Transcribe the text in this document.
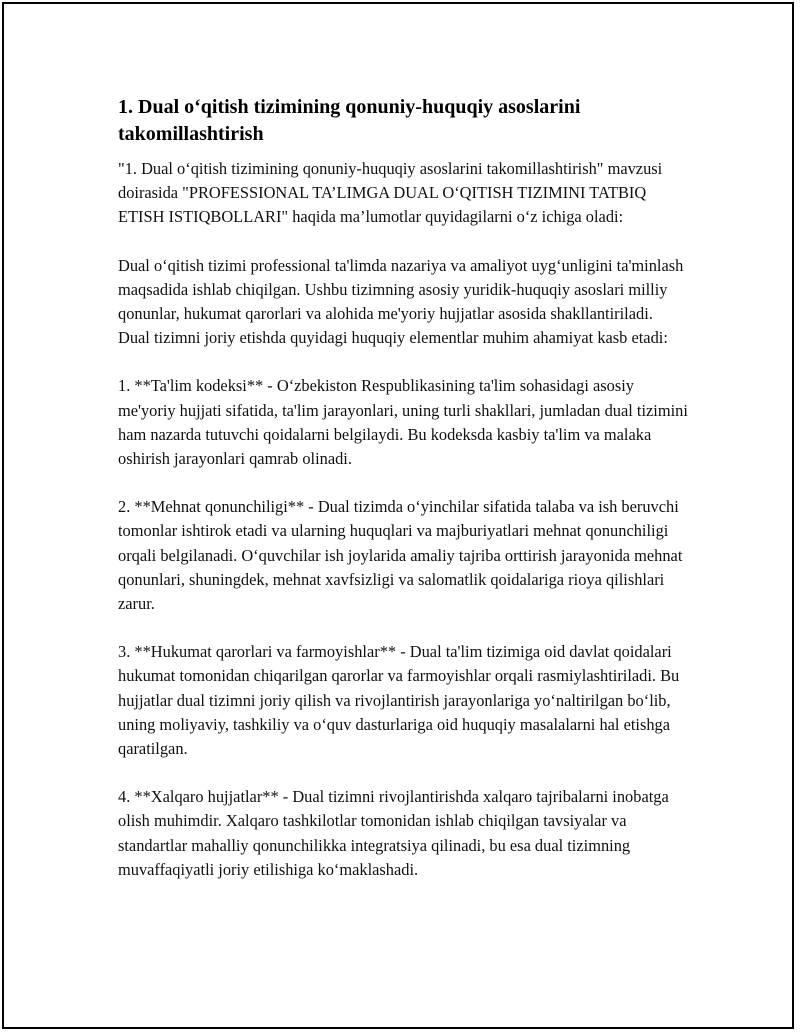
1. Dual o‘qitish tizimining qonuniy-huquqiy asoslarini takomillashtirish

"1. Dual o‘qitish tizimining qonuniy-huquqiy asoslarini takomillashtirish" mavzusi doirasida "PROFESSIONAL TA’LIMGA DUAL O‘QITISH TIZIMINI TATBIQ ETISH ISTIQBOLLARI" haqida ma’lumotlar quyidagilarni o‘z ichiga oladi:

Dual o‘qitish tizimi professional ta'limda nazariya va amaliyot uyg‘unligini ta'minlash maqsadida ishlab chiqilgan. Ushbu tizimning asosiy yuridik-huquqiy asoslari milliy qonunlar, hukumat qarorlari va alohida me'yoriy hujjatlar asosida shakllantiriladi. Dual tizimni joriy etishda quyidagi huquqiy elementlar muhim ahamiyat kasb etadi:

1. **Ta'lim kodeksi** - O‘zbekiston Respublikasining ta'lim sohasidagi asosiy me'yoriy hujjati sifatida, ta'lim jarayonlari, uning turli shakllari, jumladan dual tizimini ham nazarda tutuvchi qoidalarni belgilaydi. Bu kodeksda kasbiy ta'lim va malaka oshirish jarayonlari qamrab olinadi.

2. **Mehnat qonunchiligi** - Dual tizimda o‘yinchilar sifatida talaba va ish beruvchi tomonlar ishtirok etadi va ularning huquqlari va majburiyatlari mehnat qonunchiligi orqali belgilanadi. O‘quvchilar ish joylarida amaliy tajriba orttirish jarayonida mehnat qonunlari, shuningdek, mehnat xavfsizligi va salomatlik qoidalariga rioya qilishlari zarur.

3. **Hukumat qarorlari va farmoyishlar** - Dual ta'lim tizimiga oid davlat qoidalari hukumat tomonidan chiqarilgan qarorlar va farmoyishlar orqali rasmiylashtiriladi. Bu hujjatlar dual tizimni joriy qilish va rivojlantirish jarayonlariga yo‘naltirilgan bo‘lib, uning moliyaviy, tashkiliy va o‘quv dasturlariga oid huquqiy masalalarni hal etishga qaratilgan.

4. **Xalqaro hujjatlar** - Dual tizimni rivojlantirishda xalqaro tajribalarni inobatga olish muhimdir. Xalqaro tashkilotlar tomonidan ishlab chiqilgan tavsiyalar va standartlar mahalliy qonunchilikka integratsiya qilinadi, bu esa dual tizimning muvaffaqiyatli joriy etilishiga ko‘maklashadi.
